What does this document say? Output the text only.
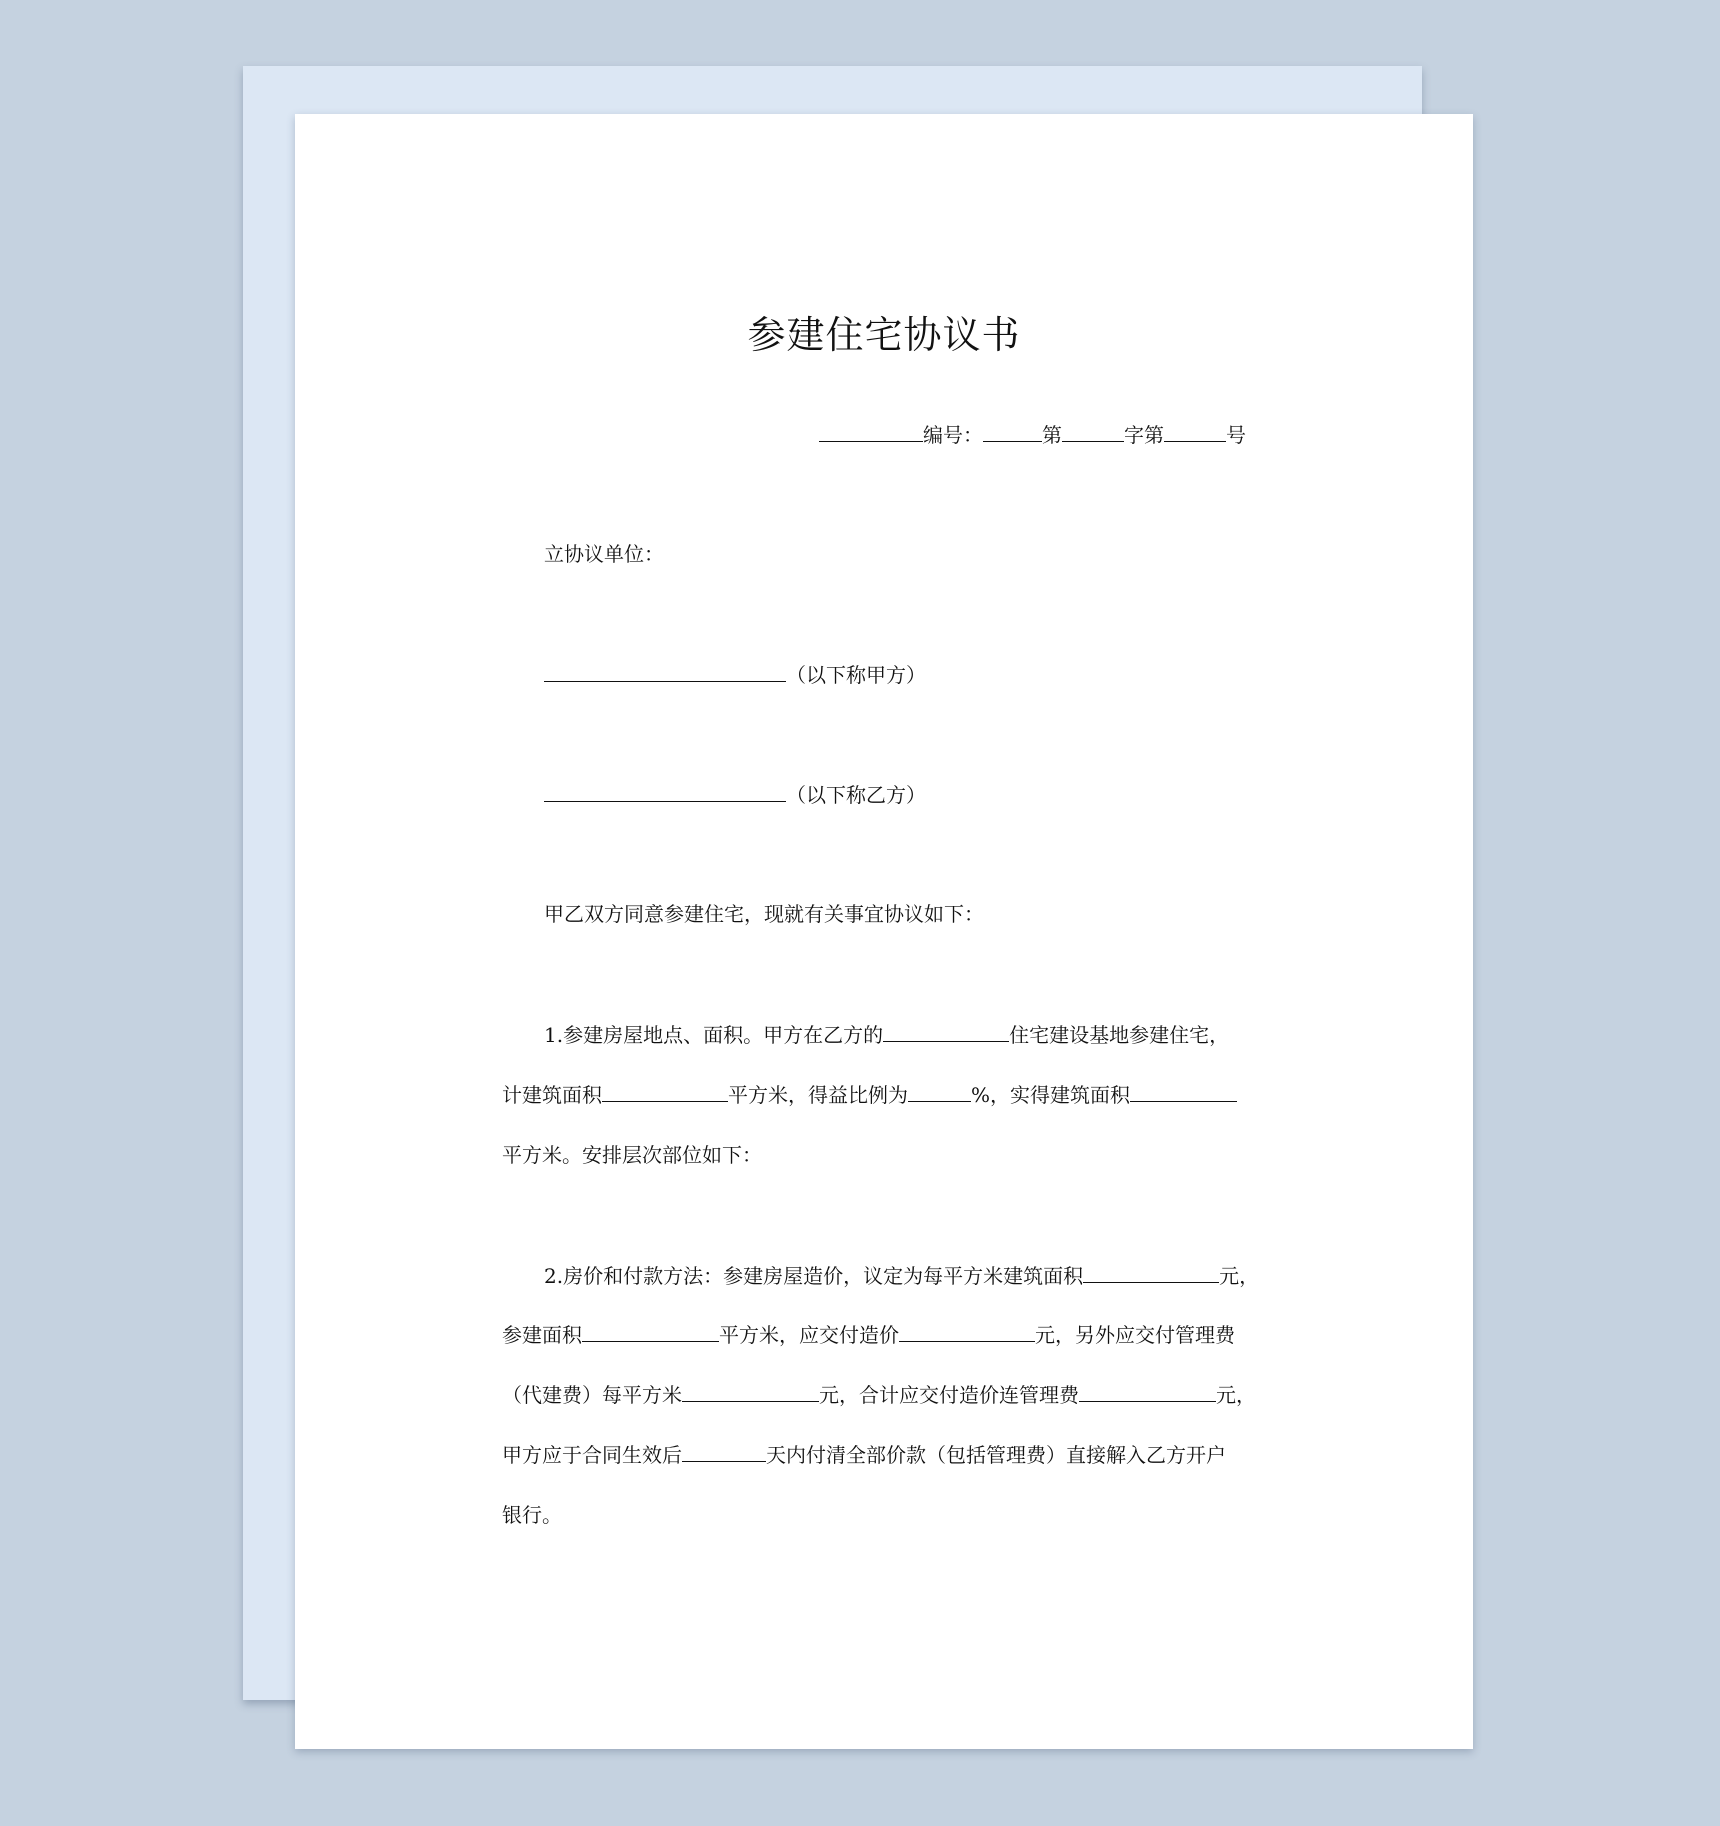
参建住宅协议书
编号：	第	字第	号
立协议单位：
（以下称甲方）
（以下称乙方）
甲乙双方同意参建住宅，现就有关事宜协议如下：
1.参建房屋地点、面积。甲方在乙方的	住宅建设基地参建住宅，
计建筑面积	平方米，得益比例为	%，实得建筑面积
平方米。安排层次部位如下：
2.房价和付款方法：参建房屋造价，议定为每平方米建筑面积	元，
参建面积	平方米，应交付造价	元，另外应交付管理费
（代建费）每平方米	元，合计应交付造价连管理费	元，
甲方应于合同生效后	天内付清全部价款（包括管理费）直接解入乙方开户
银行。
